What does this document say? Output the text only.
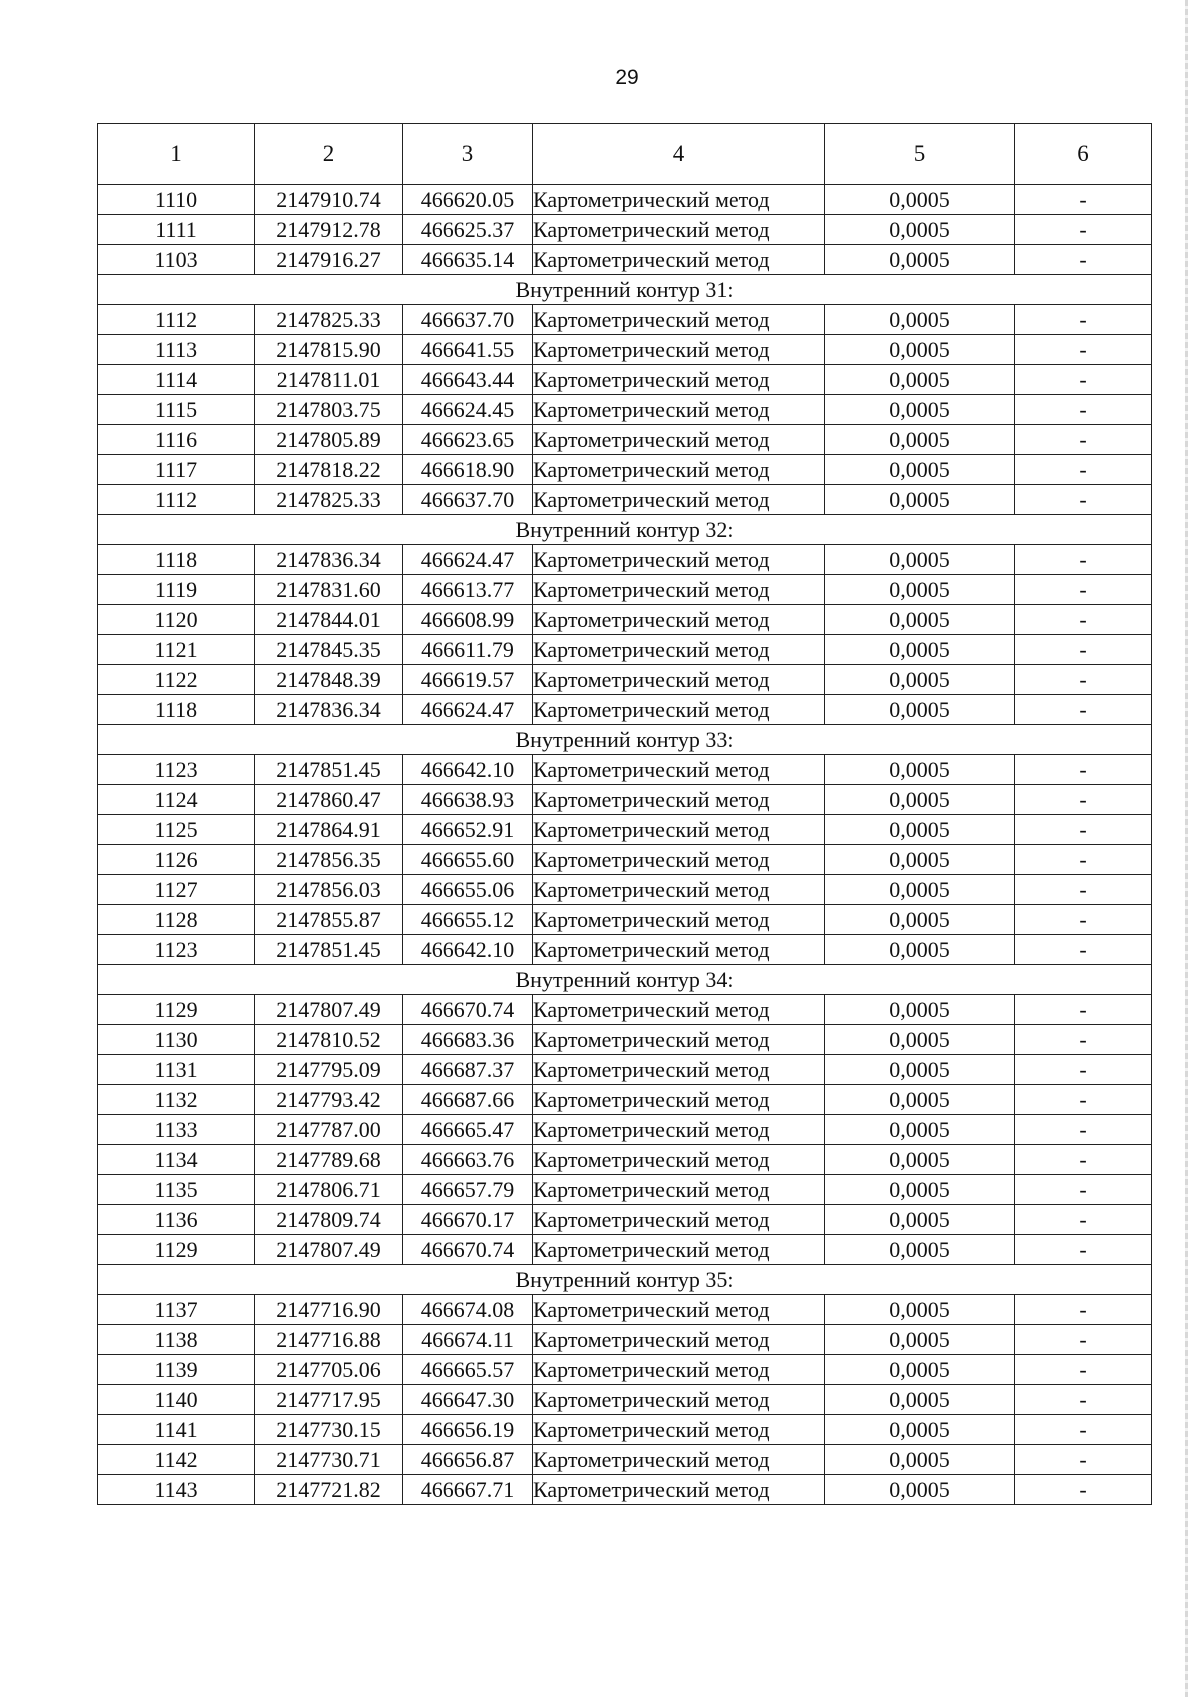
29
1	2	3	4	5	6
1110	2147910.74	466620.05	Картометрический метод	0,0005	-
1111	2147912.78	466625.37	Картометрический метод	0,0005	-
1103	2147916.27	466635.14	Картометрический метод	0,0005	-
Внутренний контур 31:					
1112	2147825.33	466637.70	Картометрический метод	0,0005	-
1113	2147815.90	466641.55	Картометрический метод	0,0005	-
1114	2147811.01	466643.44	Картометрический метод	0,0005	-
1115	2147803.75	466624.45	Картометрический метод	0,0005	-
1116	2147805.89	466623.65	Картометрический метод	0,0005	-
1117	2147818.22	466618.90	Картометрический метод	0,0005	-
1112	2147825.33	466637.70	Картометрический метод	0,0005	-
Внутренний контур 32:					
1118	2147836.34	466624.47	Картометрический метод	0,0005	-
1119	2147831.60	466613.77	Картометрический метод	0,0005	-
1120	2147844.01	466608.99	Картометрический метод	0,0005	-
1121	2147845.35	466611.79	Картометрический метод	0,0005	-
1122	2147848.39	466619.57	Картометрический метод	0,0005	-
1118	2147836.34	466624.47	Картометрический метод	0,0005	-
Внутренний контур 33:					
1123	2147851.45	466642.10	Картометрический метод	0,0005	-
1124	2147860.47	466638.93	Картометрический метод	0,0005	-
1125	2147864.91	466652.91	Картометрический метод	0,0005	-
1126	2147856.35	466655.60	Картометрический метод	0,0005	-
1127	2147856.03	466655.06	Картометрический метод	0,0005	-
1128	2147855.87	466655.12	Картометрический метод	0,0005	-
1123	2147851.45	466642.10	Картометрический метод	0,0005	-
Внутренний контур 34:					
1129	2147807.49	466670.74	Картометрический метод	0,0005	-
1130	2147810.52	466683.36	Картометрический метод	0,0005	-
1131	2147795.09	466687.37	Картометрический метод	0,0005	-
1132	2147793.42	466687.66	Картометрический метод	0,0005	-
1133	2147787.00	466665.47	Картометрический метод	0,0005	-
1134	2147789.68	466663.76	Картометрический метод	0,0005	-
1135	2147806.71	466657.79	Картометрический метод	0,0005	-
1136	2147809.74	466670.17	Картометрический метод	0,0005	-
1129	2147807.49	466670.74	Картометрический метод	0,0005	-
Внутренний контур 35:					
1137	2147716.90	466674.08	Картометрический метод	0,0005	-
1138	2147716.88	466674.11	Картометрический метод	0,0005	-
1139	2147705.06	466665.57	Картометрический метод	0,0005	-
1140	2147717.95	466647.30	Картометрический метод	0,0005	-
1141	2147730.15	466656.19	Картометрический метод	0,0005	-
1142	2147730.71	466656.87	Картометрический метод	0,0005	-
1143	2147721.82	466667.71	Картометрический метод	0,0005	-
